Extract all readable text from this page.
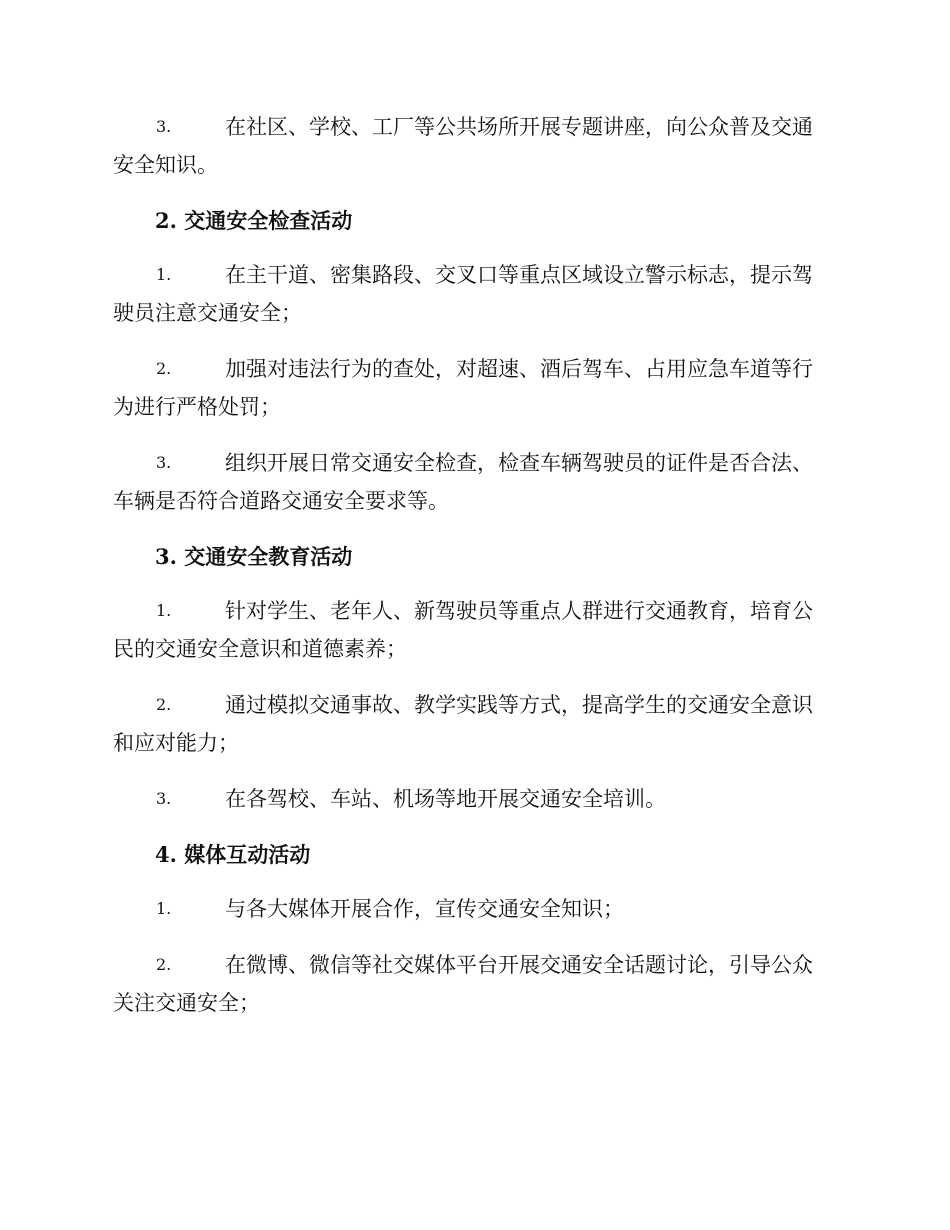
3.	在社区、学校、工厂等公共场所开展专题讲座，向公众普及交通
安全知识。
2. 交通安全检查活动
1.	在主干道、密集路段、交叉口等重点区域设立警示标志，提示驾
驶员注意交通安全；
2.	加强对违法行为的查处，对超速、酒后驾车、占用应急车道等行
为进行严格处罚；
3.	组织开展日常交通安全检查，检查车辆驾驶员的证件是否合法、
车辆是否符合道路交通安全要求等。
3. 交通安全教育活动
1.	针对学生、老年人、新驾驶员等重点人群进行交通教育，培育公
民的交通安全意识和道德素养；
2.	通过模拟交通事故、教学实践等方式，提高学生的交通安全意识
和应对能力；
3.	在各驾校、车站、机场等地开展交通安全培训。
4. 媒体互动活动
1.	与各大媒体开展合作，宣传交通安全知识；
2.	在微博、微信等社交媒体平台开展交通安全话题讨论，引导公众
关注交通安全；
